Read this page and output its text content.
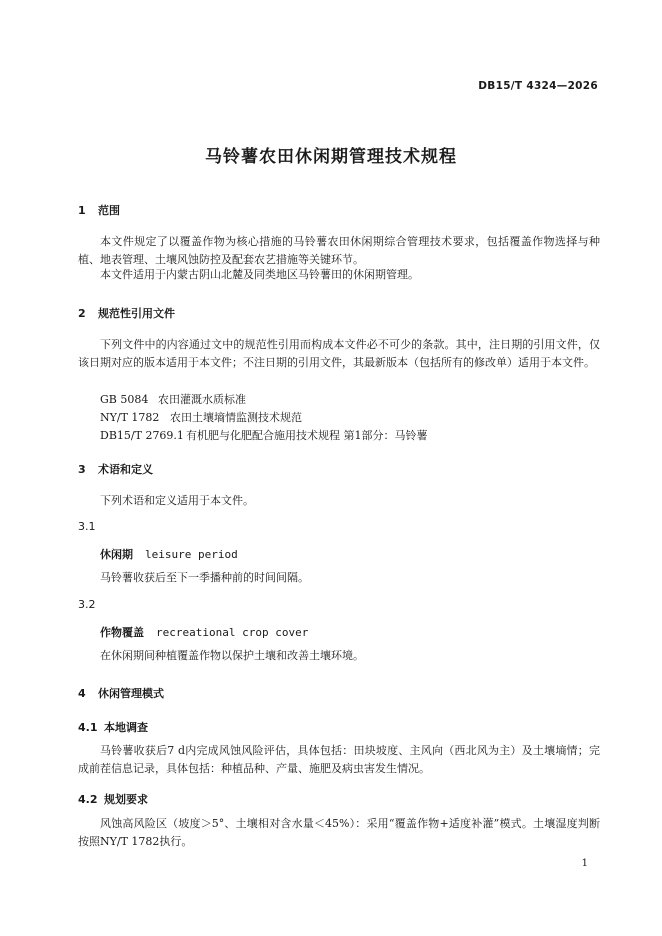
DB15/T 4324—2026
马铃薯农田休闲期管理技术规程
1 范围
本文件规定了以覆盖作物为核心措施的马铃薯农田休闲期综合管理技术要求，包括覆盖作物选择与种植、地表管理、土壤风蚀防控及配套农艺措施等关键环节。
本文件适用于内蒙古阴山北麓及同类地区马铃薯田的休闲期管理。
2 规范性引用文件
下列文件中的内容通过文中的规范性引用而构成本文件必不可少的条款。其中，注日期的引用文件，仅该日期对应的版本适用于本文件；不注日期的引用文件，其最新版本（包括所有的修改单）适用于本文件。
GB 5084 农田灌溉水质标准
NY/T 1782 农田土壤墒情监测技术规范
DB15/T 2769.1 有机肥与化肥配合施用技术规程 第1部分：马铃薯
3 术语和定义
下列术语和定义适用于本文件。
3.1
休闲期 leisure period
马铃薯收获后至下一季播种前的时间间隔。
3.2
作物覆盖 recreational crop cover
在休闲期间种植覆盖作物以保护土壤和改善土壤环境。
4 休闲管理模式
4.1 本地调查
马铃薯收获后7 d内完成风蚀风险评估，具体包括：田块坡度、主风向（西北风为主）及土壤墒情；完成前茬信息记录，具体包括：种植品种、产量、施肥及病虫害发生情况。
4.2 规划要求
风蚀高风险区（坡度＞5°、土壤相对含水量＜45%）：采用“覆盖作物+适度补灌”模式。土壤湿度判断按照NY/T 1782执行。
1
